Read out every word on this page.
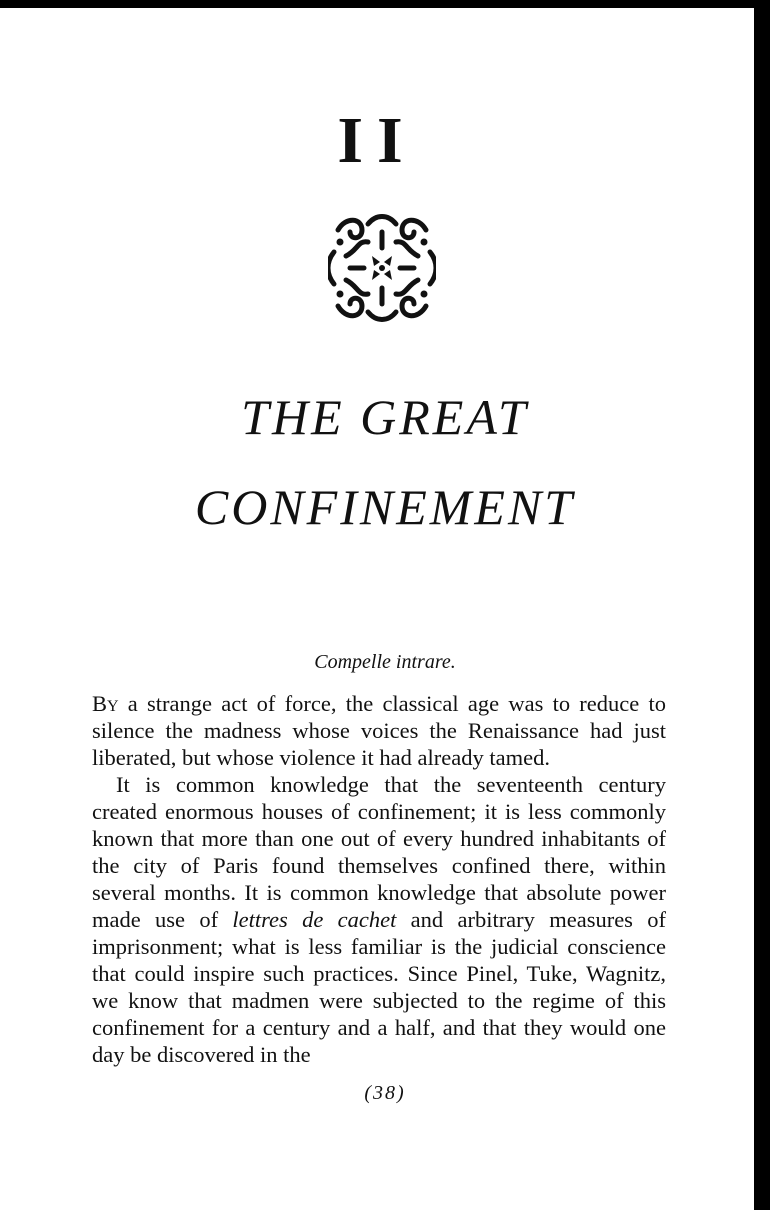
II
THE GREAT
CONFINEMENT
Compelle intrare.

By a strange act of force, the classical age was to reduce to silence the madness whose voices the Renaissance had just liberated, but whose violence it had already tamed.

It is common knowledge that the seventeenth century created enormous houses of confinement; it is less commonly known that more than one out of every hundred inhabitants of the city of Paris found themselves confined there, within several months. It is common knowledge that absolute power made use of lettres de cachet and arbitrary measures of imprisonment; what is less familiar is the judicial conscience that could inspire such practices. Since Pinel, Tuke, Wagnitz, we know that madmen were subjected to the regime of this confinement for a century and a half, and that they would one day be discovered in the

(38)
